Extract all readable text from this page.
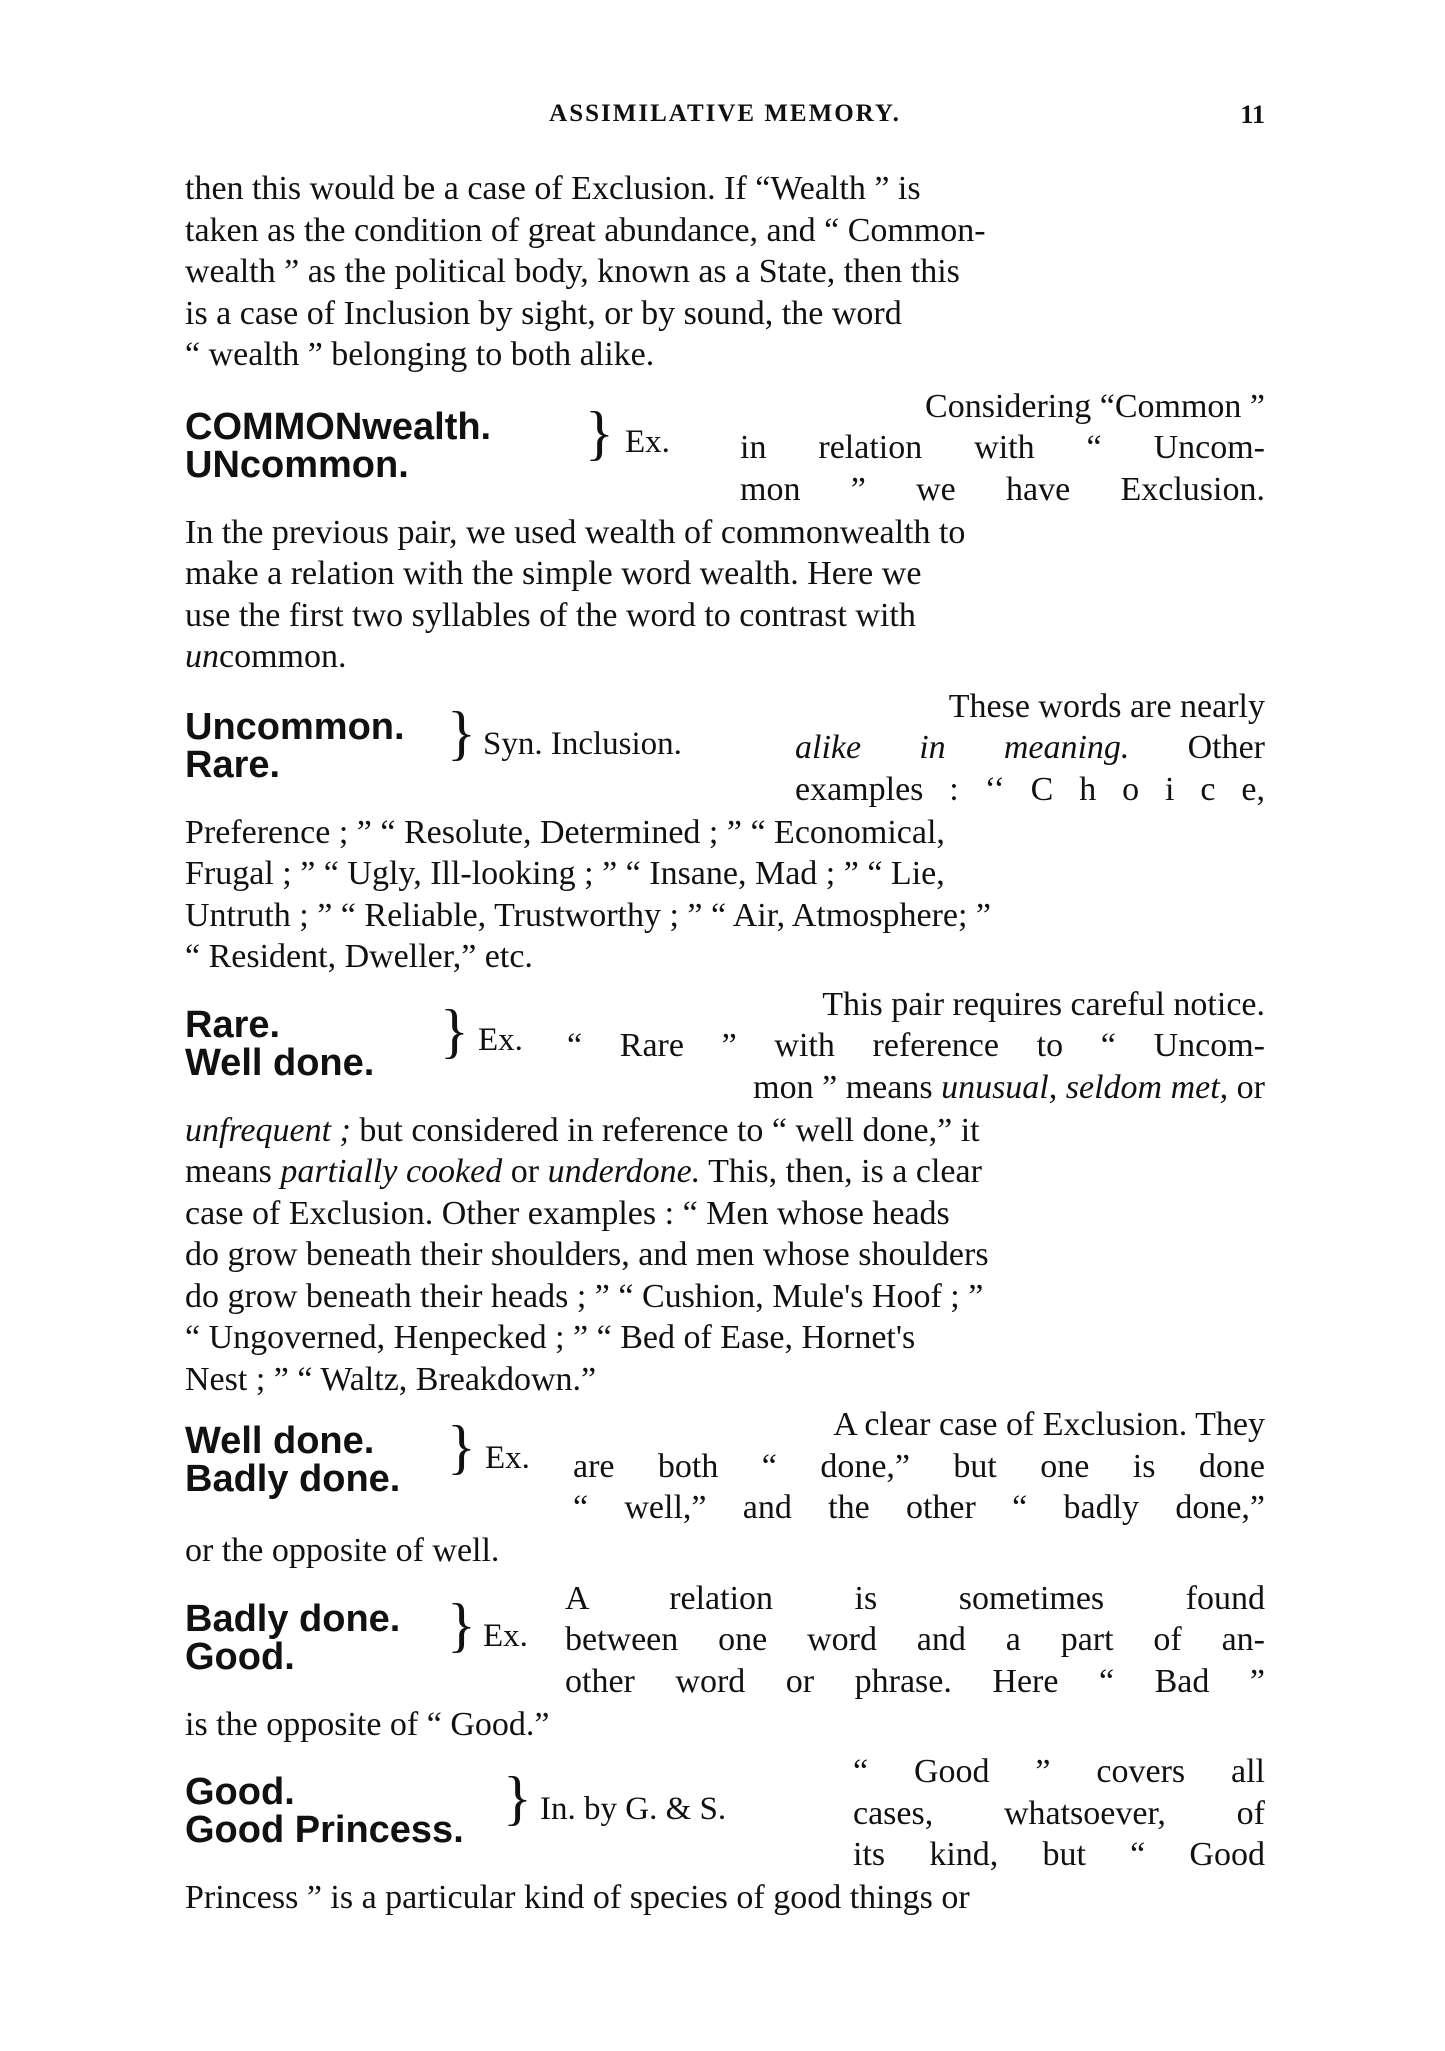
ASSIMILATIVE MEMORY.	11

then this would be a case of Exclusion. If “Wealth ” is

taken as the condition of great abundance, and “ Common-

wealth ” as the political body, known as a State, then this

is a case of Inclusion by sight, or by sound, the word

“ wealth ” belonging to both alike.

COMMONwealth.
UNcommon.	} Ex.
Considering “Common ”
in relation with “ Uncom-
mon ” we have Exclusion.

In the previous pair, we used wealth of commonwealth to

make a relation with the simple word wealth. Here we

use the first two syllables of the word to contrast with

uncommon.

Uncommon.
Rare.	} Syn. Inclusion.
These words are nearly
alike in meaning. Other
examples : ‘‘ C h o i c e,

Preference ; ” “ Resolute, Determined ; ” “ Economical,

Frugal ; ” “ Ugly, Ill-looking ; ” “ Insane, Mad ; ” “ Lie,

Untruth ; ” “ Reliable, Trustworthy ; ” “ Air, Atmosphere; ”

“ Resident, Dweller,” etc.

Rare.
Well done. } Ex.
This pair requires careful notice.
“ Rare ” with reference to “ Uncom-
mon ” means unusual, seldom met, or

unfrequent ; but considered in reference to “ well done,” it

means partially cooked or underdone. This, then, is a clear

case of Exclusion. Other examples : “ Men whose heads

do grow beneath their shoulders, and men whose shoulders

do grow beneath their heads ; ” “ Cushion, Mule's Hoof ; ”

“ Ungoverned, Henpecked ; ” “ Bed of Ease, Hornet's

Nest ; ” “ Waltz, Breakdown.”

Well done.
Badly done. } Ex.
A clear case of Exclusion. They
are both “ done,” but one is done
“ well,” and the other “ badly done,”

or the opposite of well.

Badly done.
Good.	} Ex.
A relation is sometimes found
between one word and a part of an-
other word or phrase. Here “ Bad ”

is the opposite of “ Good.”

Good.
Good Princess. } In. by G. & S.
“ Good ” covers all
cases, whatsoever, of
its kind, but “ Good

Princess ” is a particular kind of species of good things or
